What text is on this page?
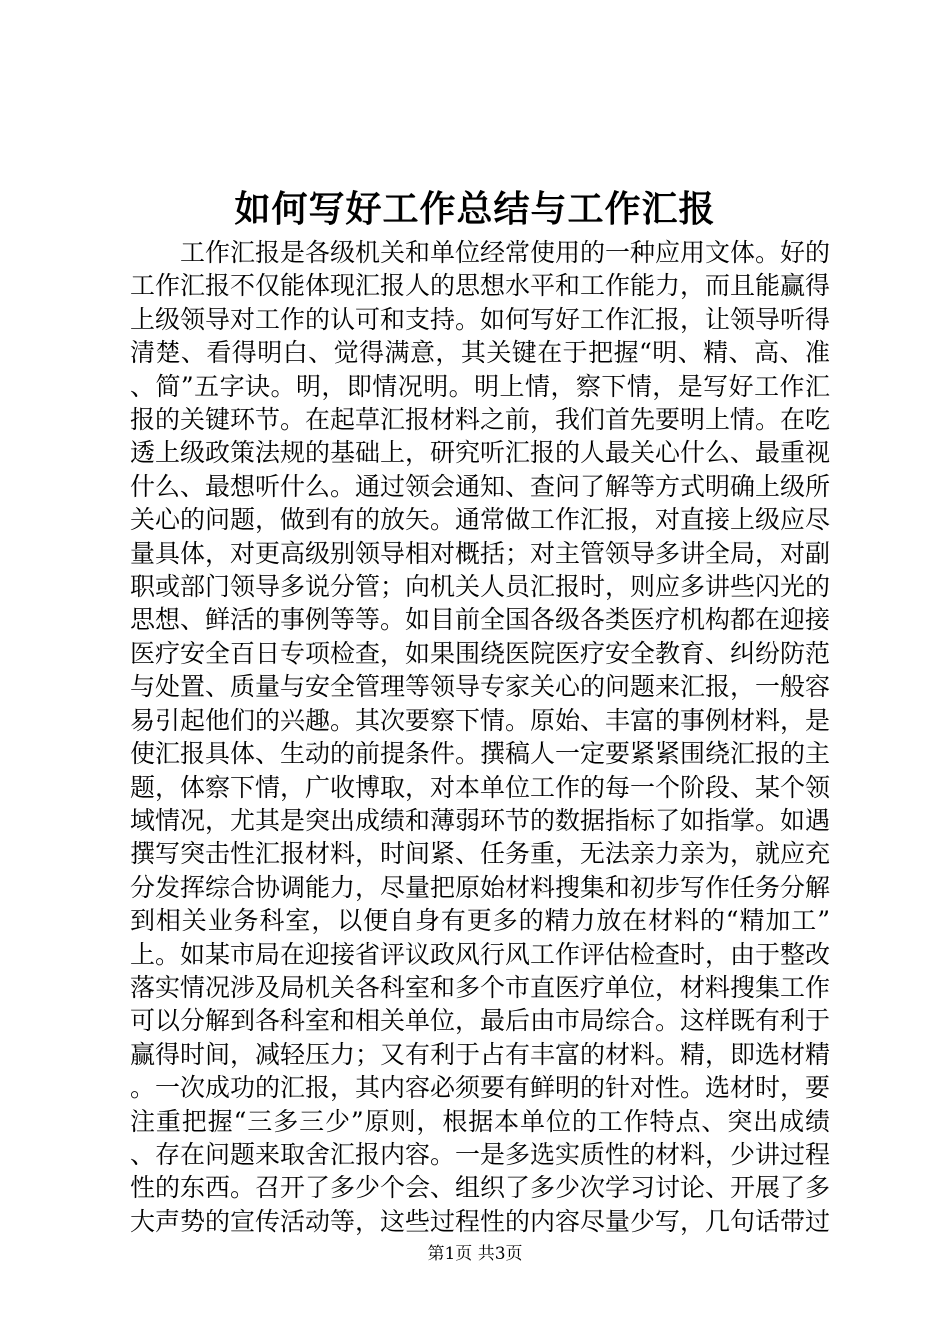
如何写好工作总结与工作汇报

工作汇报是各级机关和单位经常使用的一种应用文体。好的工作汇报不仅能体现汇报人的思想水平和工作能力，而且能赢得上级领导对工作的认可和支持。如何写好工作汇报，让领导听得清楚、看得明白、觉得满意，其关键在于把握“明、精、高、准、简”五字诀。明，即情况明。明上情，察下情，是写好工作汇报的关键环节。在起草汇报材料之前，我们首先要明上情。在吃透上级政策法规的基础上，研究听汇报的人最关心什么、最重视什么、最想听什么。通过领会通知、查问了解等方式明确上级所关心的问题，做到有的放矢。通常做工作汇报，对直接上级应尽量具体，对更高级别领导相对概括；对主管领导多讲全局，对副职或部门领导多说分管；向机关人员汇报时，则应多讲些闪光的思想、鲜活的事例等等。如目前全国各级各类医疗机构都在迎接医疗安全百日专项检查，如果围绕医院医疗安全教育、纠纷防范与处置、质量与安全管理等领导专家关心的问题来汇报，一般容易引起他们的兴趣。其次要察下情。原始、丰富的事例材料，是使汇报具体、生动的前提条件。撰稿人一定要紧紧围绕汇报的主题，体察下情，广收博取，对本单位工作的每一个阶段、某个领域情况，尤其是突出成绩和薄弱环节的数据指标了如指掌。如遇撰写突击性汇报材料，时间紧、任务重，无法亲力亲为，就应充分发挥综合协调能力，尽量把原始材料搜集和初步写作任务分解到相关业务科室，以便自身有更多的精力放在材料的“精加工”上。如某市局在迎接省评议政风行风工作评估检查时，由于整改落实情况涉及局机关各科室和多个市直医疗单位，材料搜集工作可以分解到各科室和相关单位，最后由市局综合。这样既有利于赢得时间，减轻压力；又有利于占有丰富的材料。精，即选材精。一次成功的汇报，其内容必须要有鲜明的针对性。选材时，要注重把握“三多三少”原则，根据本单位的工作特点、突出成绩、存在问题来取舍汇报内容。一是多选实质性的材料，少讲过程性的东西。召开了多少个会、组织了多少次学习讨论、开展了多大声势的宣传活动等，这些过程性的内容尽量少写，几句话带过

第1页 共3页
